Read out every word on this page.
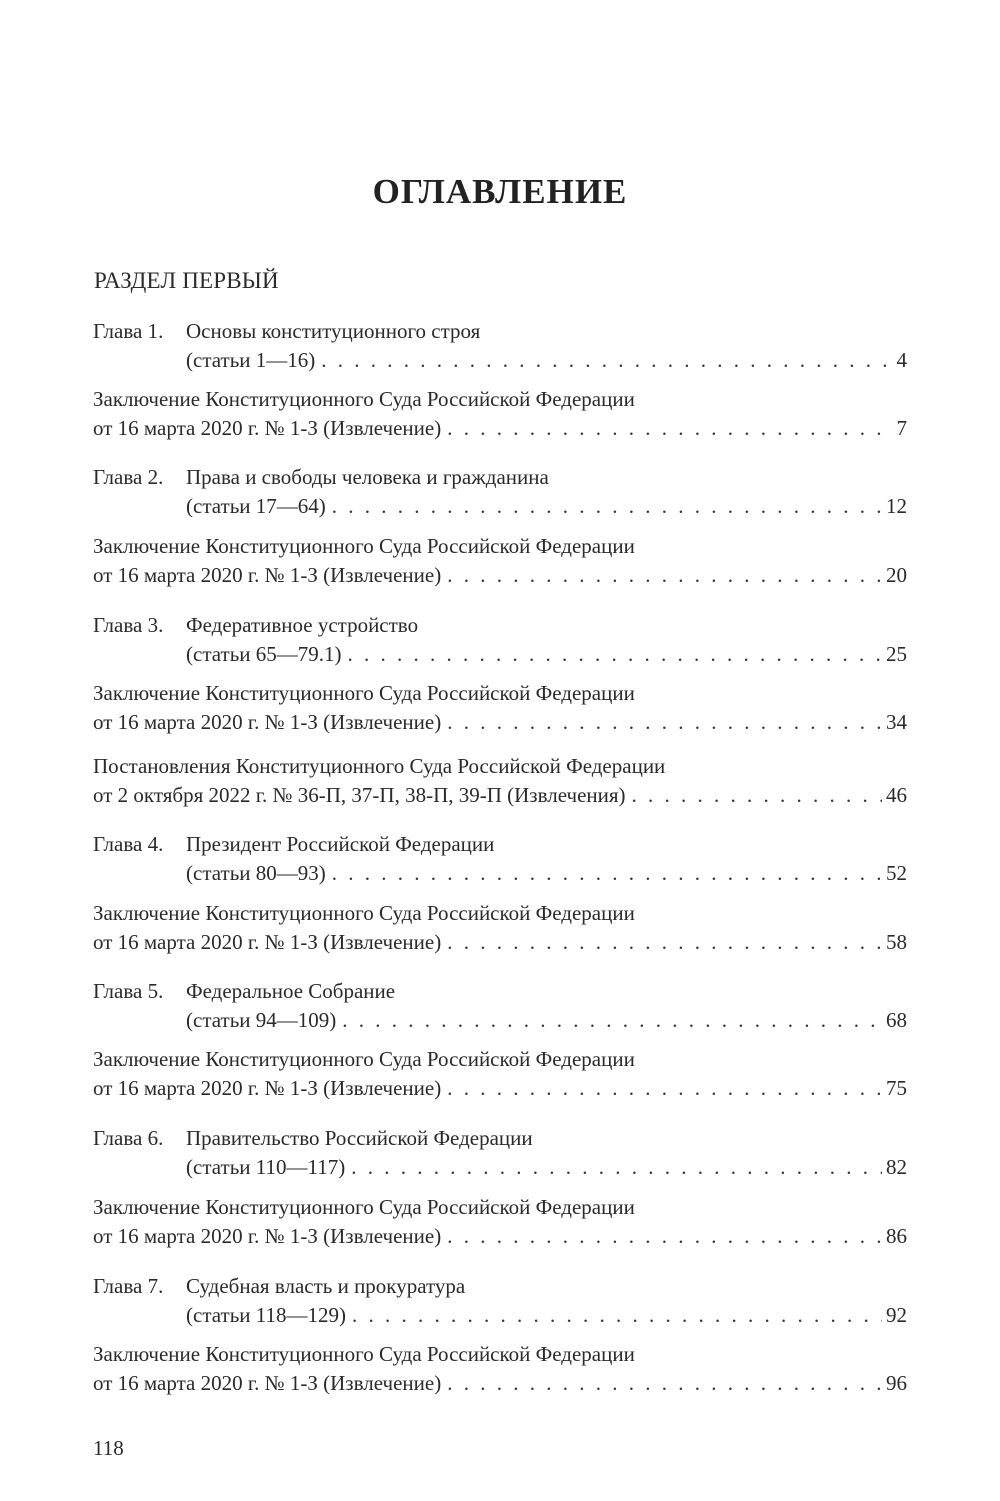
ОГЛАВЛЕНИЕ
РАЗДЕЛ ПЕРВЫЙ
Глава 1.	Основы конституционного строя
(статьи 1—16) . . .	4
Заключение Конституционного Суда Российской Федерации
от 16 марта 2020 г. № 1-З (Извлечение) . . .	7
Глава 2.	Права и свободы человека и гражданина
(статьи 17—64) . . .	12
Заключение Конституционного Суда Российской Федерации
от 16 марта 2020 г. № 1-З (Извлечение) . . .	20
Глава 3.	Федеративное устройство
(статьи 65—79.1) . . .	25
Заключение Конституционного Суда Российской Федерации
от 16 марта 2020 г. № 1-З (Извлечение) . . .	34
Постановления Конституционного Суда Российской Федерации
от 2 октября 2022 г. № 36-П, 37-П, 38-П, 39-П (Извлечения) . . .	46
Глава 4.	Президент Российской Федерации
(статьи 80—93) . . .	52
Заключение Конституционного Суда Российской Федерации
от 16 марта 2020 г. № 1-З (Извлечение) . . .	58
Глава 5.	Федеральное Собрание
(статьи 94—109) . . .	68
Заключение Конституционного Суда Российской Федерации
от 16 марта 2020 г. № 1-З (Извлечение) . . .	75
Глава 6.	Правительство Российской Федерации
(статьи 110—117) . . .	82
Заключение Конституционного Суда Российской Федерации
от 16 марта 2020 г. № 1-З (Извлечение) . . .	86
Глава 7.	Судебная власть и прокуратура
(статьи 118—129) . . .	92
Заключение Конституционного Суда Российской Федерации
от 16 марта 2020 г. № 1-З (Извлечение) . . .	96
118
